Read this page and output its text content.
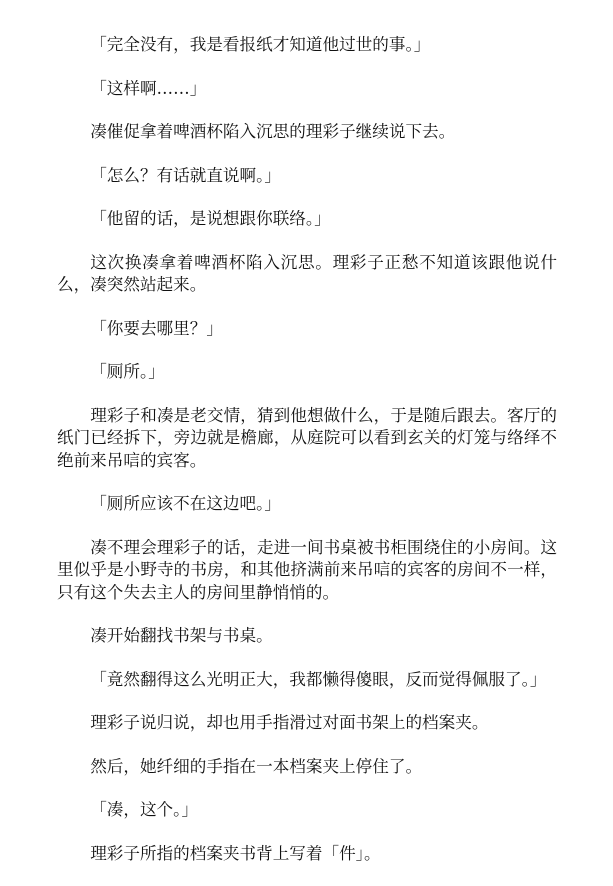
「完全没有，我是看报纸才知道他过世的事。」

「这样啊……」

凑催促拿着啤酒杯陷入沉思的理彩子继续说下去。

「怎么？有话就直说啊。」

「他留的话，是说想跟你联络。」

这次换凑拿着啤酒杯陷入沉思。理彩子正愁不知道该跟他说什么，凑突然站起来。

「你要去哪里？」

「厕所。」

理彩子和凑是老交情，猜到他想做什么，于是随后跟去。客厅的纸门已经拆下，旁边就是檐廊，从庭院可以看到玄关的灯笼与络绎不绝前来吊唁的宾客。

「厕所应该不在这边吧。」

凑不理会理彩子的话，走进一间书桌被书柜围绕住的小房间。这里似乎是小野寺的书房，和其他挤满前来吊唁的宾客的房间不一样，只有这个失去主人的房间里静悄悄的。

凑开始翻找书架与书桌。

「竟然翻得这么光明正大，我都懒得傻眼，反而觉得佩服了。」

理彩子说归说，却也用手指滑过对面书架上的档案夹。

然后，她纤细的手指在一本档案夹上停住了。

「凑，这个。」

理彩子所指的档案夹书背上写着「件」。
